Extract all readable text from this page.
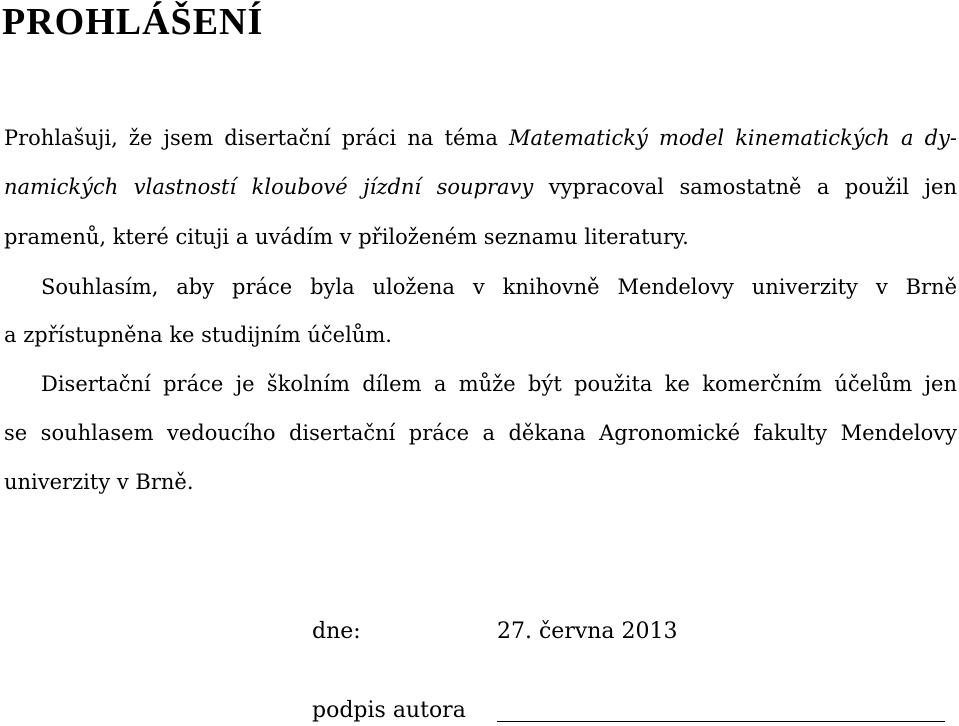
PROHLÁŠENÍ
Prohlašuji, že jsem disertační práci na téma Matematický model kinematických a dy-
namických vlastností kloubové jízdní soupravy vypracoval samostatně a použil jen
pramenů, které cituji a uvádím v přiloženém seznamu literatury.
Souhlasím, aby práce byla uložena v knihovně Mendelovy univerzity v Brně
a zpřístupněna ke studijním účelům.
Disertační práce je školním dílem a může být použita ke komerčním účelům jen
se souhlasem vedoucího disertační práce a děkana Agronomické fakulty Mendelovy
univerzity v Brně.
dne:	27. června 2013
podpis autora
